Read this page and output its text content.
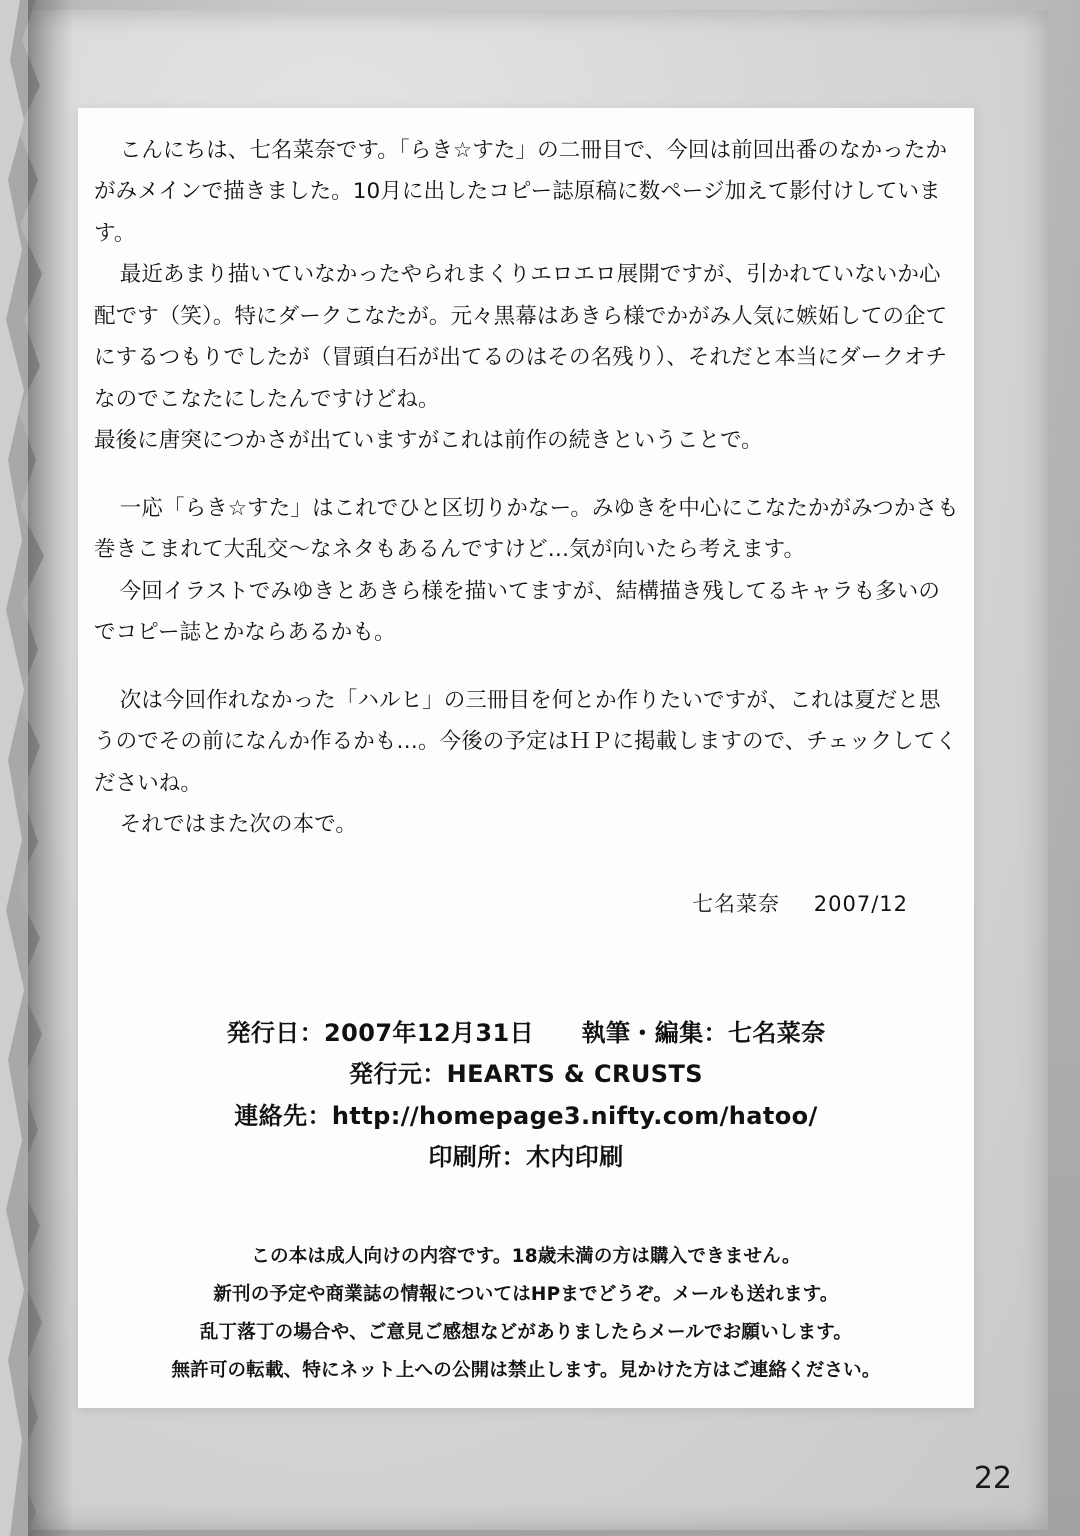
こんにちは、七名菜奈です。「らき☆すた」の二冊目で、今回は前回出番のなかったかがみメインで描きました。10月に出したコピー誌原稿に数ページ加えて影付けしています。

最近あまり描いていなかったやられまくりエロエロ展開ですが、引かれていないか心配です（笑）。特にダークこなたが。元々黒幕はあきら様でかがみ人気に嫉妬しての企てにするつもりでしたが（冒頭白石が出てるのはその名残り）、それだと本当にダークオチなのでこなたにしたんですけどね。

最後に唐突につかさが出ていますがこれは前作の続きということで。

一応「らき☆すた」はこれでひと区切りかなー。みゆきを中心にこなたかがみつかさも巻きこまれて大乱交～なネタもあるんですけど…気が向いたら考えます。

今回イラストでみゆきとあきら様を描いてますが、結構描き残してるキャラも多いのでコピー誌とかならあるかも。

次は今回作れなかった「ハルヒ」の三冊目を何とか作りたいですが、これは夏だと思うのでその前になんか作るかも…。今後の予定はＨＰに掲載しますので、チェックしてくださいね。

それではまた次の本で。

七名菜奈 2007/12
発行日：2007年12月31日 執筆・編集：七名菜奈
発行元：HEARTS & CRUSTS
連絡先：http://homepage3.nifty.com/hatoo/
印刷所：木内印刷
この本は成人向けの内容です。18歳未満の方は購入できません。
新刊の予定や商業誌の情報についてはHPまでどうぞ。メールも送れます。
乱丁落丁の場合や、ご意見ご感想などがありましたらメールでお願いします。
無許可の転載、特にネット上への公開は禁止します。見かけた方はご連絡ください。
22
